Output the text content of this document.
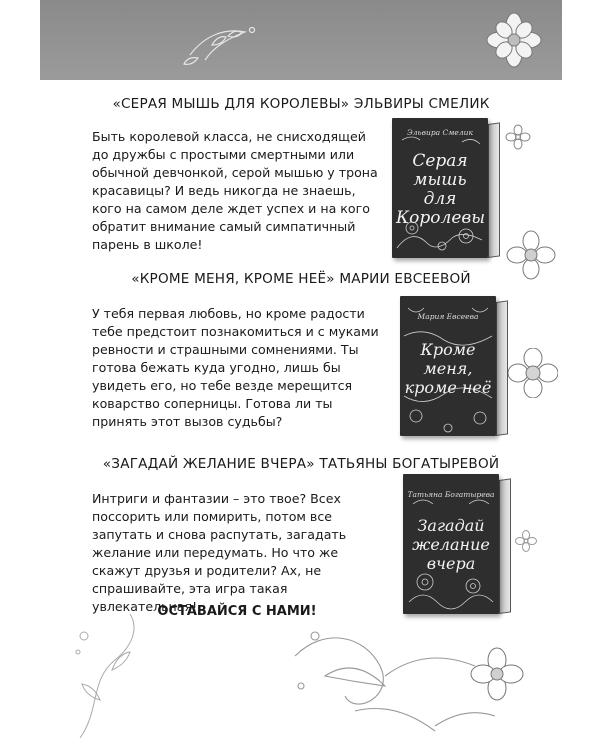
«СЕРАЯ МЫШЬ ДЛЯ КОРОЛЕВЫ» ЭЛЬВИРЫ СМЕЛИК

Быть королевой класса, не снисходящей до дружбы с простыми смертными или обычной девчонкой, серой мышью у трона красавицы? И ведь никогда не знаешь, кого на самом деле ждет успех и на кого обратит внимание самый симпатичный парень в школе!

Эльвира Смелик
Серая
мышь
для
Королевы
«КРОМЕ МЕНЯ, КРОМЕ НЕЁ» МАРИИ ЕВСЕЕВОЙ

У тебя первая любовь, но кроме радости тебе предстоит познакомиться и с муками ревности и страшными сомнениями. Ты готова бежать куда угодно, лишь бы увидеть его, но тебе везде мерещится коварство соперницы. Готова ли ты принять этот вызов судьбы?

Мария Евсеева
Кроме
меня,
кроме неё
«ЗАГАДАЙ ЖЕЛАНИЕ ВЧЕРА» ТАТЬЯНЫ БОГАТЫРЕВОЙ

Интриги и фантазии – это твое? Всех поссорить или помирить, потом все запутать и снова распутать, загадать желание или передумать. Но что же скажут друзья и родители? Ах, не спрашивайте, эта игра такая увлекательная!

Татьяна Богатырева
Загадай
желание
вчера

ОСТАВАЙСЯ С НАМИ!
